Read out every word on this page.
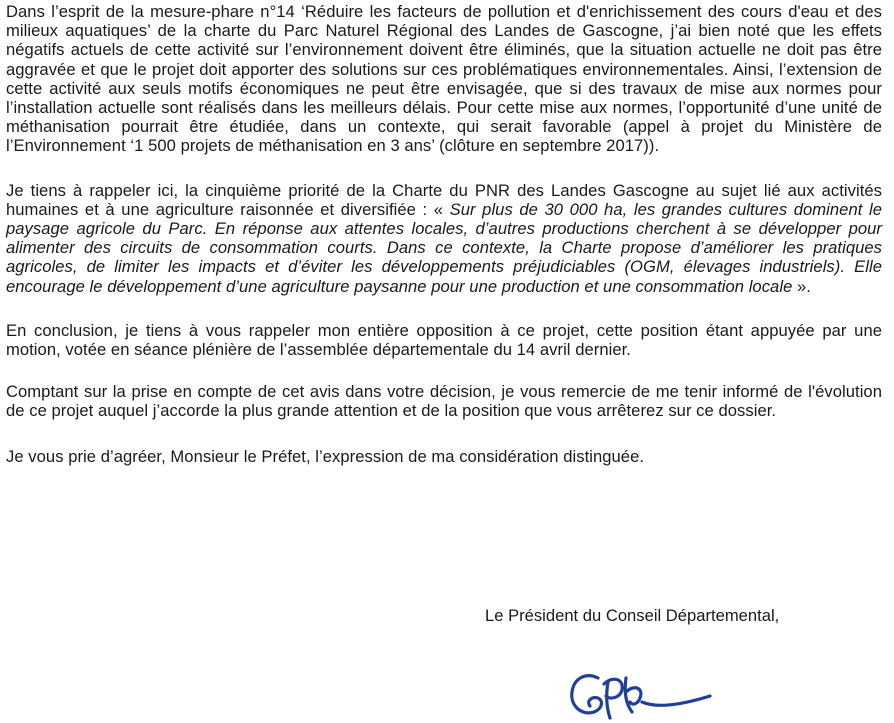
Dans l’esprit de la mesure-phare n°14 ‘Réduire les facteurs de pollution et d'enrichissement des cours d'eau et des milieux aquatiques’ de la charte du Parc Naturel Régional des Landes de Gascogne, j’ai bien noté que les effets négatifs actuels de cette activité sur l’environnement doivent être éliminés, que la situation actuelle ne doit pas être aggravée et que le projet doit apporter des solutions sur ces problématiques environnementales. Ainsi, l’extension de cette activité aux seuls motifs économiques ne peut être envisagée, que si des travaux de mise aux normes pour l’installation actuelle sont réalisés dans les meilleurs délais. Pour cette mise aux normes, l’opportunité d’une unité de méthanisation pourrait être étudiée, dans un contexte, qui serait favorable (appel à projet du Ministère de l’Environnement ‘1 500 projets de méthanisation en 3 ans’ (clôture en septembre 2017)).

Je tiens à rappeler ici, la cinquième priorité de la Charte du PNR des Landes Gascogne au sujet lié aux activités humaines et à une agriculture raisonnée et diversifiée : « Sur plus de 30 000 ha, les grandes cultures dominent le paysage agricole du Parc. En réponse aux attentes locales, d’autres productions cherchent à se développer pour alimenter des circuits de consommation courts. Dans ce contexte, la Charte propose d’améliorer les pratiques agricoles, de limiter les impacts et d’éviter les développements préjudiciables (OGM, élevages industriels). Elle encourage le développement d’une agriculture paysanne pour une production et une consommation locale ».

En conclusion, je tiens à vous rappeler mon entière opposition à ce projet, cette position étant appuyée par une motion, votée en séance plénière de l’assemblée départementale du 14 avril dernier.

Comptant sur la prise en compte de cet avis dans votre décision, je vous remercie de me tenir informé de l'évolution de ce projet auquel j’accorde la plus grande attention et de la position que vous arrêterez sur ce dossier.

Je vous prie d’agréer, Monsieur le Préfet, l’expression de ma considération distinguée.

Le Président du Conseil Départemental,
